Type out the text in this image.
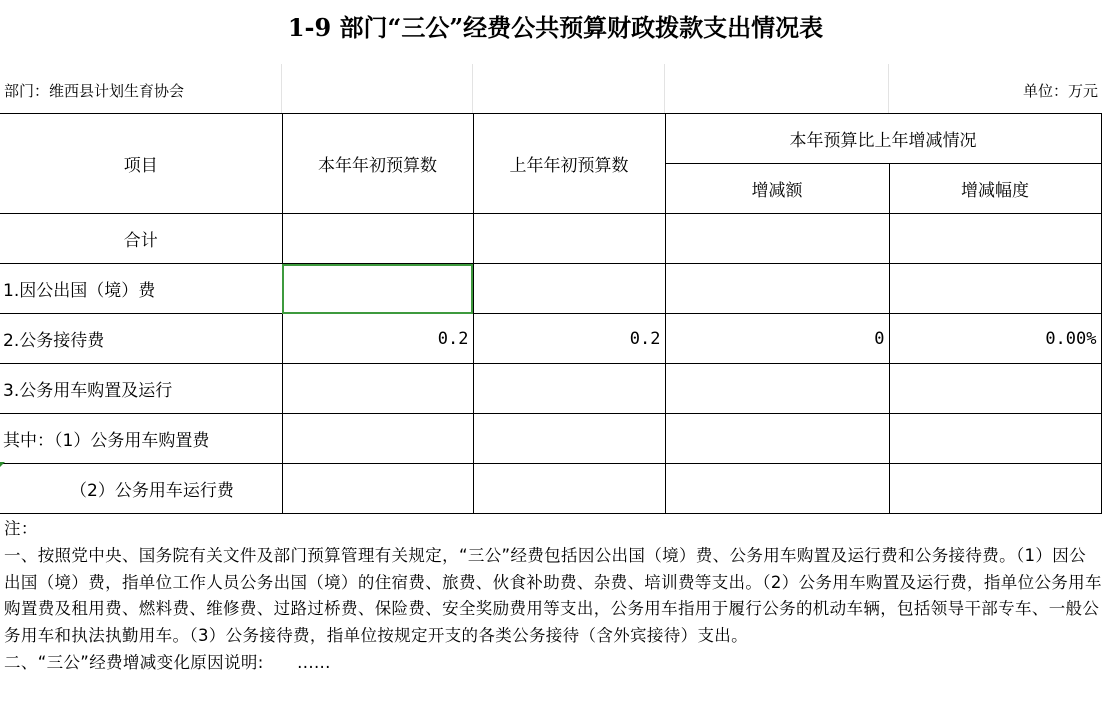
1-9 部门“三公”经费公共预算财政拨款支出情况表
部门：维西县计划生育协会	单位：万元
项目	本年年初预算数	上年年初预算数	本年预算比上年增减情况	
			增减额	增减幅度
合计				
1.因公出国（境）费				
2.公务接待费	0.2	0.2	0	0.00%
3.公务用车购置及运行				
其中：（1）公务用车购置费				
（2）公务用车运行费				

注：

一、按照党中央、国务院有关文件及部门预算管理有关规定，“三公”经费包括因公出国（境）费、公务用车购置及运行费和公务接待费。（1）因公出国（境）费，指单位工作人员公务出国（境）的住宿费、旅费、伙食补助费、杂费、培训费等支出。（2）公务用车购置及运行费，指单位公务用车购置费及租用费、燃料费、维修费、过路过桥费、保险费、安全奖励费用等支出，公务用车指用于履行公务的机动车辆，包括领导干部专车、一般公务用车和执法执勤用车。（3）公务接待费，指单位按规定开支的各类公务接待（含外宾接待）支出。

二、“三公”经费增减变化原因说明:      ......
